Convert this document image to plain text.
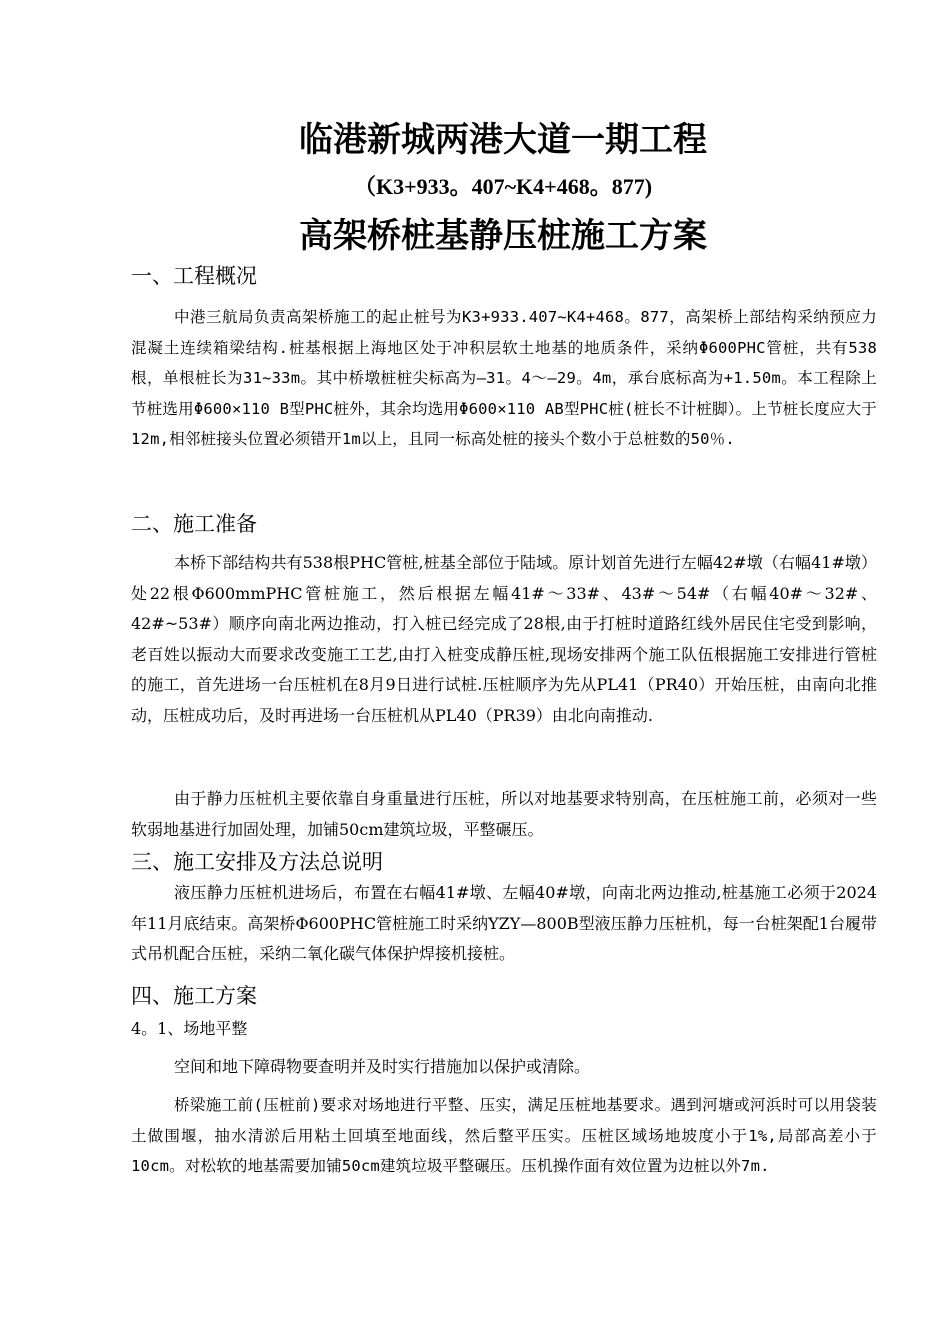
临港新城两港大道一期工程
（K3+933。407~K4+468。877)
高架桥桩基静压桩施工方案
一、工程概况

中港三航局负责高架桥施工的起止桩号为K3+933.407~K4+468。877，高架桥上部结构采纳预应力混凝土连续箱梁结构.桩基根据上海地区处于冲积层软土地基的地质条件，采纳Φ600PHC管桩，共有538根，单根桩长为31~33m。其中桥墩桩桩尖标高为—31。4～—29。4m，承台底标高为+1.50m。本工程除上节桩选用Φ600×110 B型PHC桩外，其余均选用Φ600×110 AB型PHC桩(桩长不计桩脚）。上节桩长度应大于12m,相邻桩接头位置必须错开1m以上，且同一标高处桩的接头个数小于总桩数的50％.

二、施工准备

本桥下部结构共有538根PHC管桩,桩基全部位于陆域。原计划首先进行左幅42#墩（右幅41#墩）处22根Φ600mmPHC管桩施工，然后根据左幅41#～33#、43#～54#（右幅40#～32#、42#~53#）顺序向南北两边推动，打入桩已经完成了28根,由于打桩时道路红线外居民住宅受到影响，老百姓以振动大而要求改变施工工艺,由打入桩变成静压桩,现场安排两个施工队伍根据施工安排进行管桩的施工，首先进场一台压桩机在8月9日进行试桩.压桩顺序为先从PL41（PR40）开始压桩，由南向北推动，压桩成功后，及时再进场一台压桩机从PL40（PR39）由北向南推动.

由于静力压桩机主要依靠自身重量进行压桩，所以对地基要求特别高，在压桩施工前，必须对一些软弱地基进行加固处理，加铺50cm建筑垃圾，平整碾压。

三、施工安排及方法总说明

液压静力压桩机进场后，布置在右幅41#墩、左幅40#墩，向南北两边推动,桩基施工必须于2024年11月底结束。高架桥Φ600PHC管桩施工时采纳YZY—800B型液压静力压桩机，每一台桩架配1台履带式吊机配合压桩，采纳二氧化碳气体保护焊接机接桩。

四、施工方案
4。1、场地平整

空间和地下障碍物要查明并及时实行措施加以保护或清除。

桥梁施工前(压桩前)要求对场地进行平整、压实，满足压桩地基要求。遇到河塘或河浜时可以用袋装土做围堰，抽水清淤后用粘土回填至地面线，然后整平压实。压桩区域场地坡度小于1%,局部高差小于10cm。对松软的地基需要加铺50cm建筑垃圾平整碾压。压机操作面有效位置为边桩以外7m.
